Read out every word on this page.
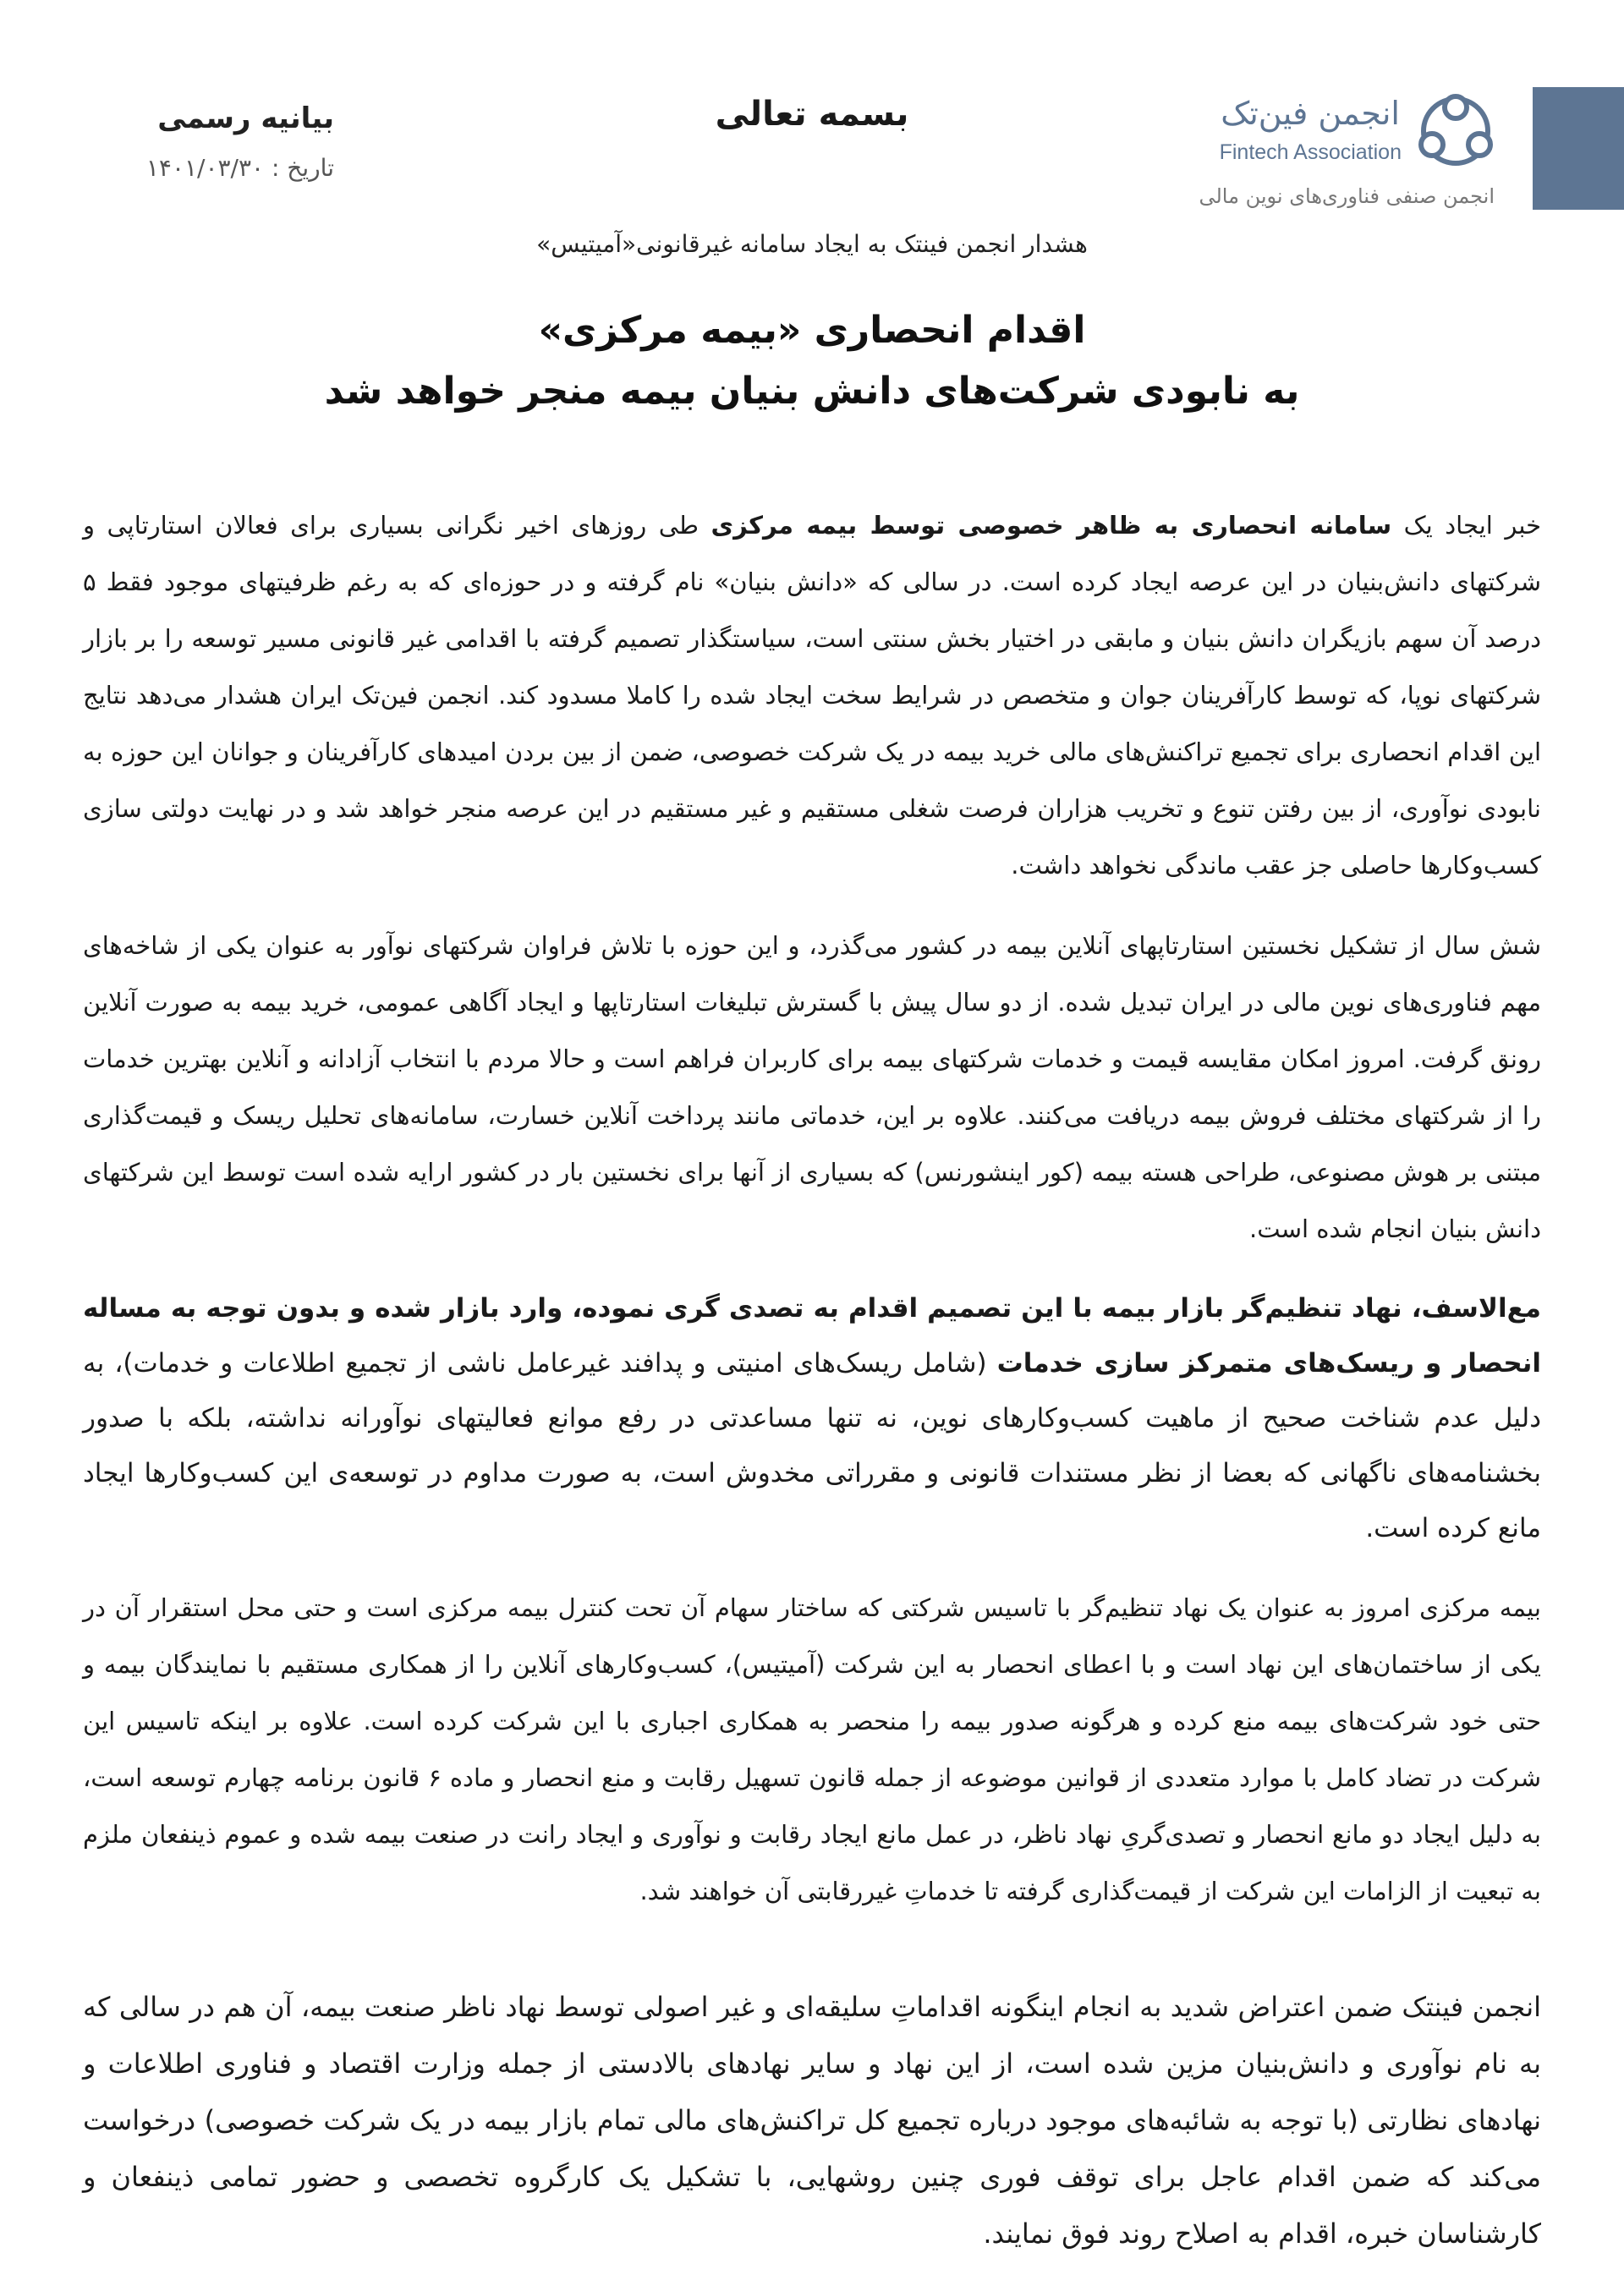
انجمن فین‌تک
Fintech Association
انجمن صنفی فناوری‌های نوین مالی
بسمه تعالی
بیانیه رسمی
تاریخ : ۱۴۰۱/۰۳/۳۰
هشدار انجمن فینتک به ایجاد سامانه غیرقانونی«آمیتیس»
اقدام انحصاری «بیمه مرکزی»
به نابودی شرکت‌های دانش بنیان بیمه منجر خواهد شد

خبر ایجاد یک سامانه انحصاری به ظاهر خصوصی توسط بیمه مرکزی طی روزهای اخیر نگرانی بسیاری برای فعالان استارتاپی و شرکتهای دانش‌بنیان در این عرصه ایجاد کرده است. در سالی که «دانش بنیان» نام گرفته و در حوزه‌ای که به رغم ظرفیتهای موجود فقط ۵ درصد آن سهم بازیگران دانش بنیان و مابقی در اختیار بخش سنتی است، سیاستگذار تصمیم گرفته با اقدامی غیر قانونی مسیر توسعه را بر بازار شرکتهای نوپا، که توسط کارآفرینان جوان و متخصص در شرایط سخت ایجاد شده را کاملا مسدود کند. انجمن فین‌تک ایران هشدار می‌دهد نتایج این اقدام انحصاری برای تجمیع تراکنش‌های مالی خرید بیمه در یک شرکت خصوصی، ضمن از بین بردن امیدهای کارآفرینان و جوانان این حوزه به نابودی نوآوری، از بین رفتن تنوع و تخریب هزاران فرصت شغلی مستقیم و غیر مستقیم در این عرصه منجر خواهد شد و در نهایت دولتی سازی کسب‌وکارها حاصلی جز عقب ماندگی نخواهد داشت.

شش سال از تشکیل نخستین استارتاپهای آنلاین بیمه در کشور می‌گذرد، و این حوزه با تلاش فراوان شرکتهای نوآور به عنوان یکی از شاخه‌های مهم فناوری‌های نوین مالی در ایران تبدیل شده. از دو سال پیش با گسترش تبلیغات استارتاپها و ایجاد آگاهی عمومی، خرید بیمه به صورت آنلاین رونق گرفت. امروز امکان مقایسه قیمت و خدمات شرکتهای بیمه برای کاربران فراهم است و حالا مردم با انتخاب آزادانه و آنلاین بهترین خدمات را از شرکتهای مختلف فروش بیمه دریافت می‌کنند. علاوه بر این، خدماتی مانند پرداخت آنلاین خسارت، سامانه‌های تحلیل ریسک و قیمت‌گذاری مبتنی بر هوش مصنوعی، طراحی هسته بیمه (کور اینشورنس) که بسیاری از آنها برای نخستین بار در کشور ارایه شده است توسط این شرکتهای دانش بنیان انجام شده است.

مع‌الاسف، نهاد تنظیم‌گر بازار بیمه با این تصمیم اقدام به تصدی گری نموده، وارد بازار شده و بدون توجه به مساله انحصار و ریسک‌های متمرکز سازی خدمات (شامل ریسک‌های امنیتی و پدافند غیرعامل ناشی از تجمیع اطلاعات و خدمات)، به دلیل عدم شناخت صحیح از ماهیت کسب‌وکارهای نوین، نه تنها مساعدتی در رفع موانع فعالیتهای نوآورانه نداشته، بلکه با صدور بخشنامه‌های ناگهانی که بعضا از نظر مستندات قانونی و مقرراتی مخدوش است، به صورت مداوم در توسعه‌ی این کسب‌وکارها ایجاد مانع کرده است.

بیمه مرکزی امروز به عنوان یک نهاد تنظیم‌گر با تاسیس شرکتی که ساختار سهام آن تحت کنترل بیمه مرکزی است و حتی محل استقرار آن در یکی از ساختمان‌های این نهاد است و با اعطای انحصار به این شرکت (آمیتیس)، کسب‌وکارهای آنلاین را از همکاری مستقیم با نمایندگان بیمه و حتی خود شرکت‌های بیمه منع کرده و هرگونه صدور بیمه را منحصر به همکاری اجباری با این شرکت کرده است. علاوه بر اینکه تاسیس این شرکت در تضاد کامل با موارد متعددی از قوانین موضوعه از جمله قانون تسهیل رقابت و منع انحصار و ماده ۶ قانون برنامه چهارم توسعه است، به دلیل ایجاد دو مانع انحصار و تصدی‌گریِ نهاد ناظر، در عمل مانع ایجاد رقابت و نوآوری و ایجاد رانت در صنعت بیمه شده و عموم ذینفعان ملزم به تبعیت از الزامات این شرکت از قیمت‌گذاری گرفته تا خدماتِ غیررقابتی آن خواهند شد.

انجمن فینتک ضمن اعتراض شدید به انجام اینگونه اقداماتِ سلیقه‌ای و غیر اصولی توسط نهاد ناظر صنعت بیمه، آن هم در سالی که به نام نوآوری و دانش‌بنیان مزین شده است، از این نهاد و سایر نهادهای بالادستی از جمله وزارت اقتصاد و فناوری اطلاعات و نهادهای نظارتی (با توجه به شائبه‌های موجود درباره تجمیع کل تراکنش‌های مالی تمام بازار بیمه در یک شرکت خصوصی) درخواست می‌کند که ضمن اقدام عاجل برای توقف فوری چنین روشهایی، با تشکیل یک کارگروه تخصصی و حضور تمامی ذینفعان و کارشناسان خبره، اقدام به اصلاح روند فوق نمایند.
